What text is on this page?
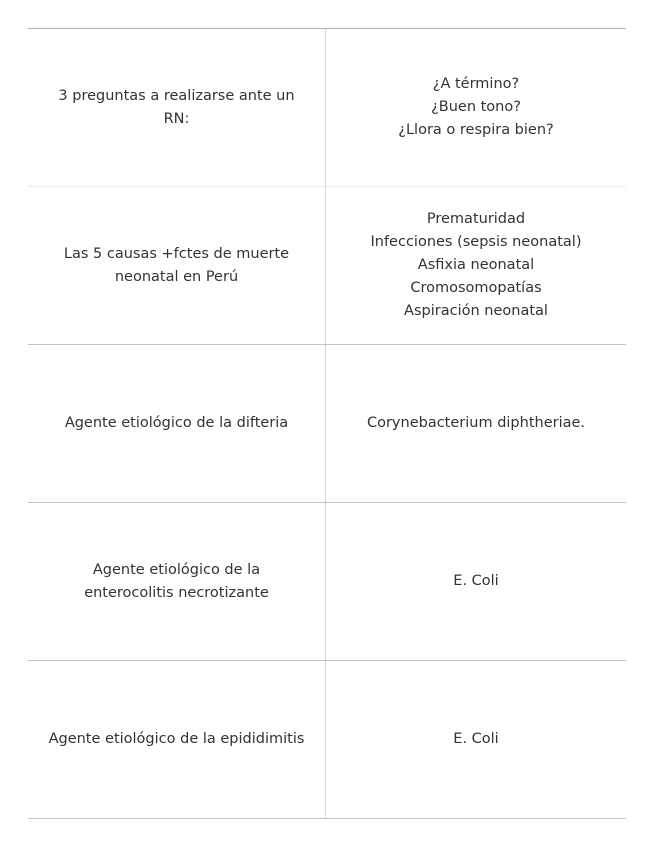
3 preguntas a realizarse ante un RN:
¿A término?
¿Buen tono?
¿Llora o respira bien?
Las 5 causas +fctes de muerte neonatal en Perú
Prematuridad
Infecciones (sepsis neonatal)
Asfixia neonatal
Cromosomopatías
Aspiración neonatal
Agente etiológico de la difteria	Corynebacterium diphtheriae.
Agente etiológico de la enterocolitis necrotizante
E. Coli
Agente etiológico de la epididimitis	E. Coli
